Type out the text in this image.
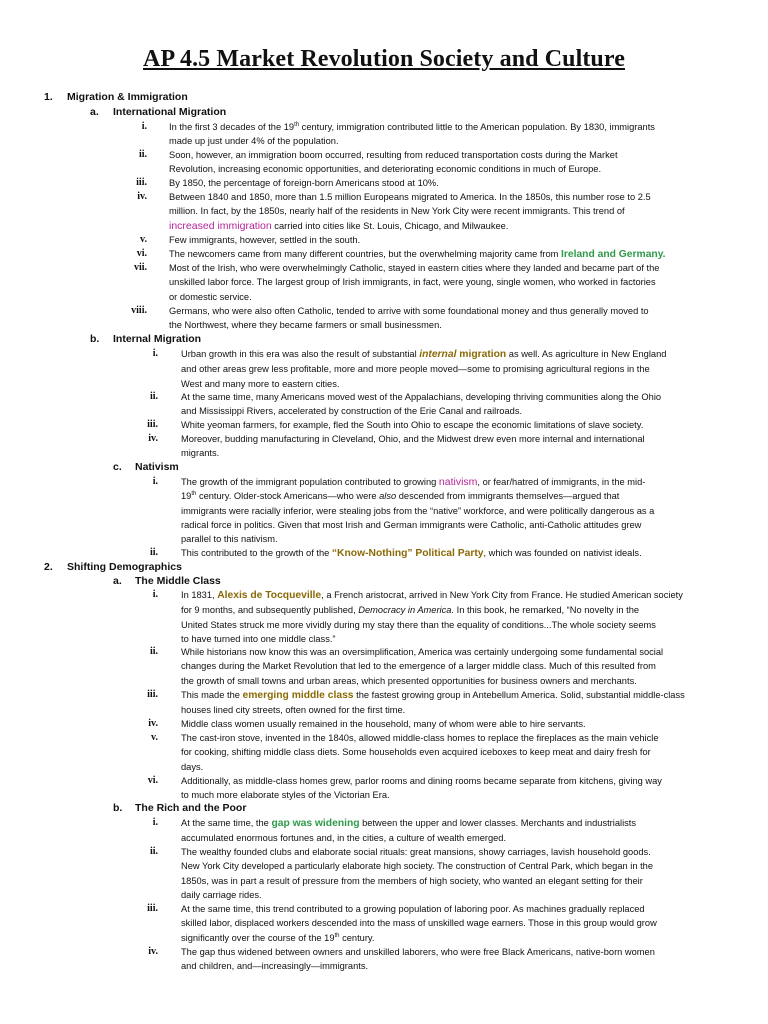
AP 4.5 Market Revolution Society and Culture
1. Migration & Immigration
a. International Migration
i. In the first 3 decades of the 19th century, immigration contributed little to the American population. By 1830, immigrants
made up just under 4% of the population.
ii. Soon, however, an immigration boom occurred, resulting from reduced transportation costs during the Market
Revolution, increasing economic opportunities, and deteriorating economic conditions in much of Europe.
iii. By 1850, the percentage of foreign-born Americans stood at 10%.
iv. Between 1840 and 1850, more than 1.5 million Europeans migrated to America. In the 1850s, this number rose to 2.5
million. In fact, by the 1850s, nearly half of the residents in New York City were recent immigrants. This trend of
increased immigration carried into cities like St. Louis, Chicago, and Milwaukee.
v. Few immigrants, however, settled in the south.
vi. The newcomers came from many different countries, but the overwhelming majority came from Ireland and Germany.
vii. Most of the Irish, who were overwhelmingly Catholic, stayed in eastern cities where they landed and became part of the
unskilled labor force. The largest group of Irish immigrants, in fact, were young, single women, who worked in factories
or domestic service.
viii. Germans, who were also often Catholic, tended to arrive with some foundational money and thus generally moved to
the Northwest, where they became farmers or small businessmen.
b. Internal Migration
i. Urban growth in this era was also the result of substantial internal migration as well. As agriculture in New England
and other areas grew less profitable, more and more people moved—some to promising agricultural regions in the
West and many more to eastern cities.
ii. At the same time, many Americans moved west of the Appalachians, developing thriving communities along the Ohio
and Mississippi Rivers, accelerated by construction of the Erie Canal and railroads.
iii. White yeoman farmers, for example, fled the South into Ohio to escape the economic limitations of slave society.
iv. Moreover, budding manufacturing in Cleveland, Ohio, and the Midwest drew even more internal and international
migrants.
c. Nativism
i. The growth of the immigrant population contributed to growing nativism, or fear/hatred of immigrants, in the mid-
19th century. Older-stock Americans—who were also descended from immigrants themselves—argued that
immigrants were racially inferior, were stealing jobs from the “native” workforce, and were politically dangerous as a
radical force in politics. Given that most Irish and German immigrants were Catholic, anti-Catholic attitudes grew
parallel to this nativism.
ii. This contributed to the growth of the “Know-Nothing” Political Party, which was founded on nativist ideals.
2. Shifting Demographics
a. The Middle Class
i. In 1831, Alexis de Tocqueville, a French aristocrat, arrived in New York City from France. He studied American society
for 9 months, and subsequently published, Democracy in America. In this book, he remarked, “No novelty in the
United States struck me more vividly during my stay there than the equality of conditions...The whole society seems
to have turned into one middle class.”
ii. While historians now know this was an oversimplification, America was certainly undergoing some fundamental social
changes during the Market Revolution that led to the emergence of a larger middle class. Much of this resulted from
the growth of small towns and urban areas, which presented opportunities for business owners and merchants.
iii. This made the emerging middle class the fastest growing group in Antebellum America. Solid, substantial middle-class
houses lined city streets, often owned for the first time.
iv. Middle class women usually remained in the household, many of whom were able to hire servants.
v. The cast-iron stove, invented in the 1840s, allowed middle-class homes to replace the fireplaces as the main vehicle
for cooking, shifting middle class diets. Some households even acquired iceboxes to keep meat and dairy fresh for
days.
vi. Additionally, as middle-class homes grew, parlor rooms and dining rooms became separate from kitchens, giving way
to much more elaborate styles of the Victorian Era.
b. The Rich and the Poor
i. At the same time, the gap was widening between the upper and lower classes. Merchants and industrialists
accumulated enormous fortunes and, in the cities, a culture of wealth emerged.
ii. The wealthy founded clubs and elaborate social rituals: great mansions, showy carriages, lavish household goods.
New York City developed a particularly elaborate high society. The construction of Central Park, which began in the
1850s, was in part a result of pressure from the members of high society, who wanted an elegant setting for their
daily carriage rides.
iii. At the same time, this trend contributed to a growing population of laboring poor. As machines gradually replaced
skilled labor, displaced workers descended into the mass of unskilled wage earners. Those in this group would grow
significantly over the course of the 19th century.
iv. The gap thus widened between owners and unskilled laborers, who were free Black Americans, native-born women
and children, and—increasingly—immigrants.
